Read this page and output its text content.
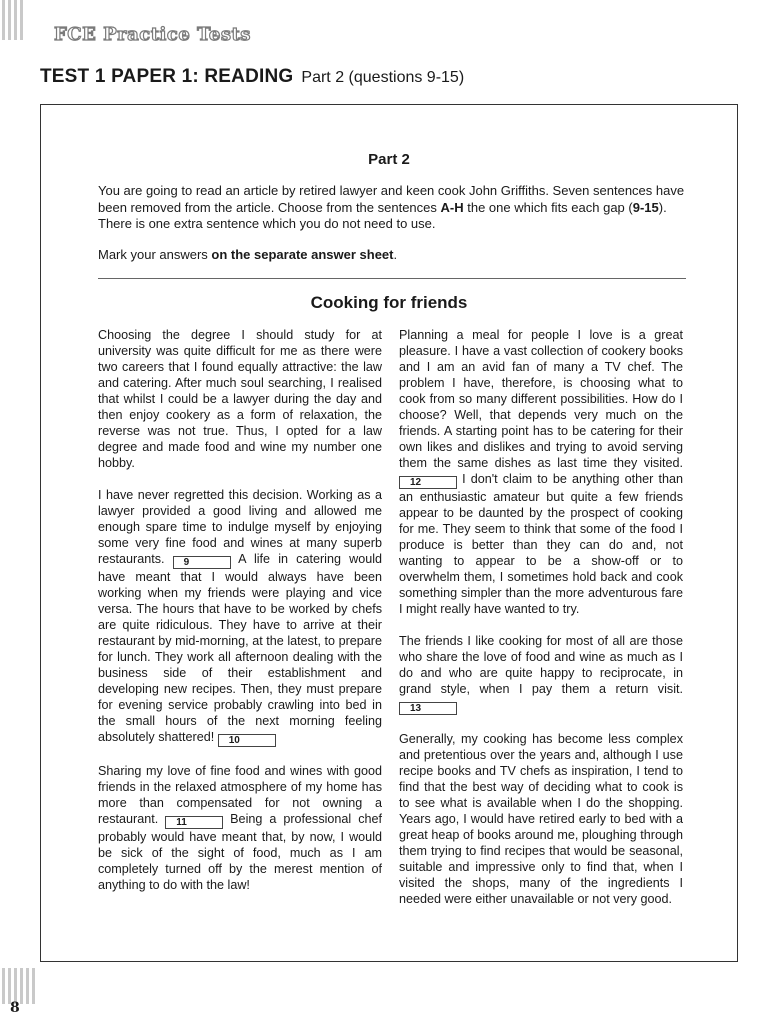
FCE Practice Tests
TEST 1 PAPER 1: READING Part 2 (questions 9-15)
Part 2
You are going to read an article by retired lawyer and keen cook John Griffiths. Seven sentences have been removed from the article. Choose from the sentences A-H the one which fits each gap (9-15). There is one extra sentence which you do not need to use.
Mark your answers on the separate answer sheet.
Cooking for friends

Choosing the degree I should study for at university was quite difficult for me as there were two careers that I found equally attractive: the law and catering. After much soul searching, I realised that whilst I could be a lawyer during the day and then enjoy cookery as a form of relaxation, the reverse was not true. Thus, I opted for a law degree and made food and wine my number one hobby.

I have never regretted this decision. Working as a lawyer provided a good living and allowed me enough spare time to indulge myself by enjoying some very fine food and wines at many superb restaurants. 9	A life in catering would have meant that I would always have been working when my friends were playing and vice versa. The hours that have to be worked by chefs are quite ridiculous. They have to arrive at their restaurant by mid-morning, at the latest, to prepare for lunch. They work all afternoon dealing with the business side of their establishment and developing new recipes. Then, they must prepare for evening service probably crawling into bed in the small hours of the next morning feeling absolutely shattered! 10

Sharing my love of fine food and wines with good friends in the relaxed atmosphere of my home has more than compensated for not owning a restaurant. 11	Being a professional chef probably would have meant that, by now, I would be sick of the sight of food, much as I am completely turned off by the merest mention of anything to do with the law!

Planning a meal for people I love is a great pleasure. I have a vast collection of cookery books and I am an avid fan of many a TV chef. The problem I have, therefore, is choosing what to cook from so many different possibilities. How do I choose? Well, that depends very much on the friends. A starting point has to be catering for their own likes and dislikes and trying to avoid serving them the same dishes as last time they visited. 12	I don't claim to be anything other than an enthusiastic amateur but quite a few friends appear to be daunted by the prospect of cooking for me. They seem to think that some of the food I produce is better than they can do and, not wanting to appear to be a show-off or to overwhelm them, I sometimes hold back and cook something simpler than the more adventurous fare I might really have wanted to try.

The friends I like cooking for most of all are those who share the love of food and wine as much as I do and who are quite happy to reciprocate, in grand style, when I pay them a return visit. 13

Generally, my cooking has become less complex and pretentious over the years and, although I use recipe books and TV chefs as inspiration, I tend to find that the best way of deciding what to cook is to see what is available when I do the shopping. Years ago, I would have retired early to bed with a great heap of books around me, ploughing through them trying to find recipes that would be seasonal, suitable and impressive only to find that, when I visited the shops, many of the ingredients I needed were either unavailable or not very good.

8
